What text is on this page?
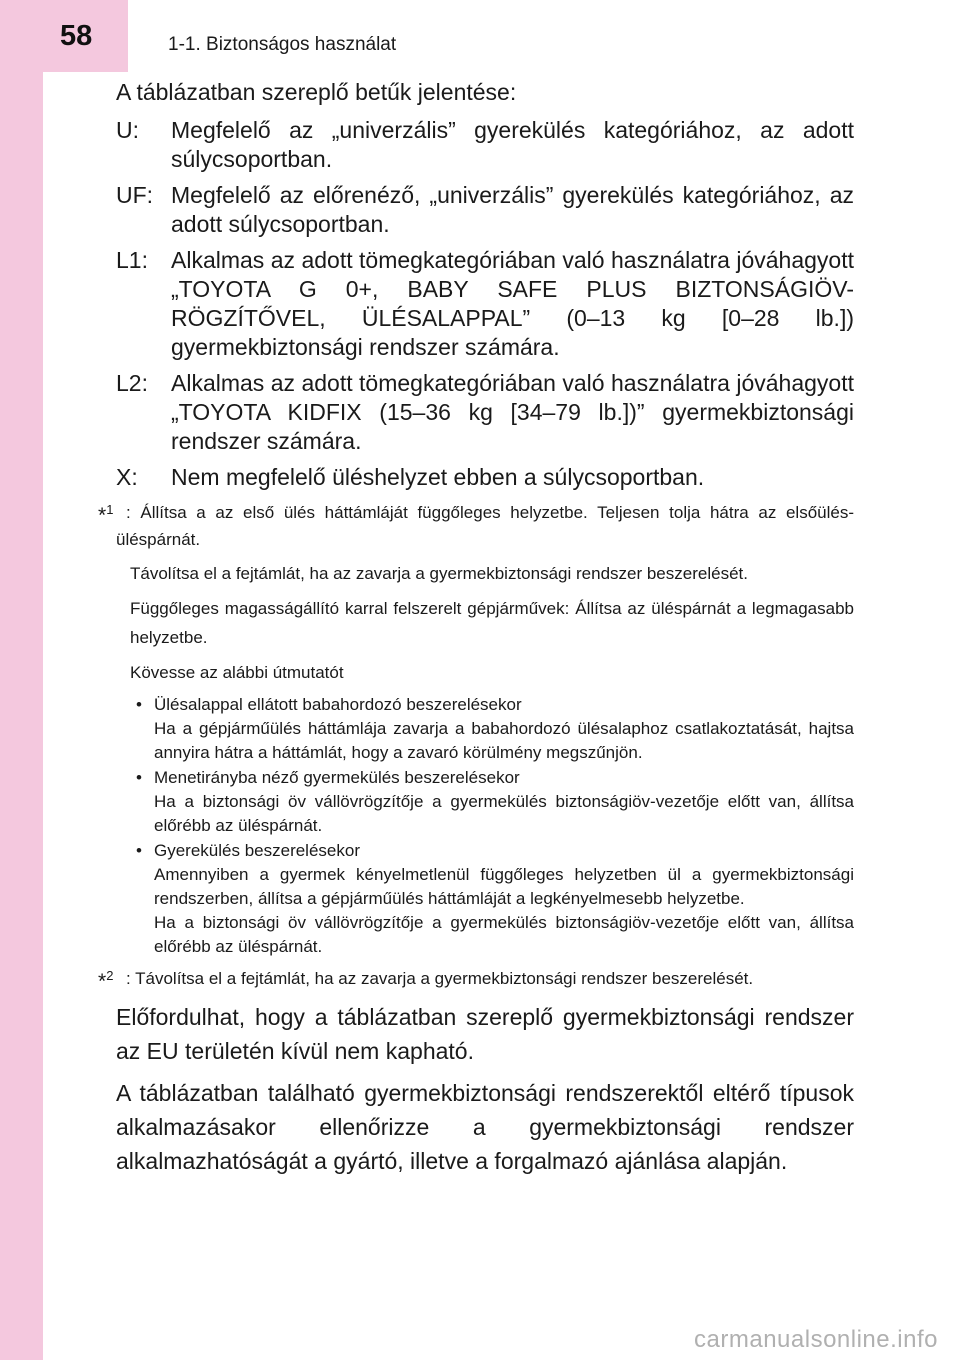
58	1-1. Biztonságos használat

A táblázatban szereplő betűk jelentése:

U: Megfelelő az „univerzális” gyerekülés kategóriához, az adott súlycsoportban.
UF: Megfelelő az előrenéző, „univerzális” gyerekülés kategóriához, az adott súlycsoportban.
L1: Alkalmas az adott tömegkategóriában való használatra jóváhagyott „TOYOTA G 0+, BABY SAFE PLUS BIZTONSÁGIÖV-RÖGZÍTŐVEL, ÜLÉSALAPPAL” (0–13 kg [0–28 lb.]) gyermekbiztonsági rendszer számára.
L2: Alkalmas az adott tömegkategóriában való használatra jóváhagyott „TOYOTA KIDFIX (15–36 kg [34–79 lb.])” gyermekbiztonsági rendszer számára.
X: Nem megfelelő üléshelyzet ebben a súlycsoportban.
*$^1$ : Állítsa a az első ülés háttámláját függőleges helyzetbe. Teljesen tolja hátra az elsőülés-üléspárnát.

Távolítsa el a fejtámlát, ha az zavarja a gyermekbiztonsági rendszer beszerelését.

Függőleges magasságállító karral felszerelt gépjárművek: Állítsa az üléspárnát a legmagasabb helyzetbe.

Kövesse az alábbi útmutatót

• Ülésalappal ellátott babahordozó beszerelésekor
Ha a gépjárműülés háttámlája zavarja a babahordozó ülésalaphoz csatlakoztatását, hajtsa annyira hátra a háttámlát, hogy a zavaró körülmény megszűnjön.
• Menetirányba néző gyermekülés beszerelésekor
Ha a biztonsági öv vállövrögzítője a gyermekülés biztonságiöv-vezetője előtt van, állítsa előrébb az üléspárnát.
• Gyerekülés beszerelésekor
Amennyiben a gyermek kényelmetlenül függőleges helyzetben ül a gyermekbiztonsági rendszerben, állítsa a gépjárműülés háttámláját a legkényelmesebb helyzetbe.
Ha a biztonsági öv vállövrögzítője a gyermekülés biztonságiöv-vezetője előtt van, állítsa előrébb az üléspárnát.
*$^2$ : Távolítsa el a fejtámlát, ha az zavarja a gyermekbiztonsági rendszer beszerelését.

Előfordulhat, hogy a táblázatban szereplő gyermekbiztonsági rendszer az EU területén kívül nem kapható.

A táblázatban található gyermekbiztonsági rendszerektől eltérő típusok alkalmazásakor ellenőrizze a gyermekbiztonsági rendszer alkalmazhatóságát a gyártó, illetve a forgalmazó ajánlása alapján.

carmanualsonline.info
